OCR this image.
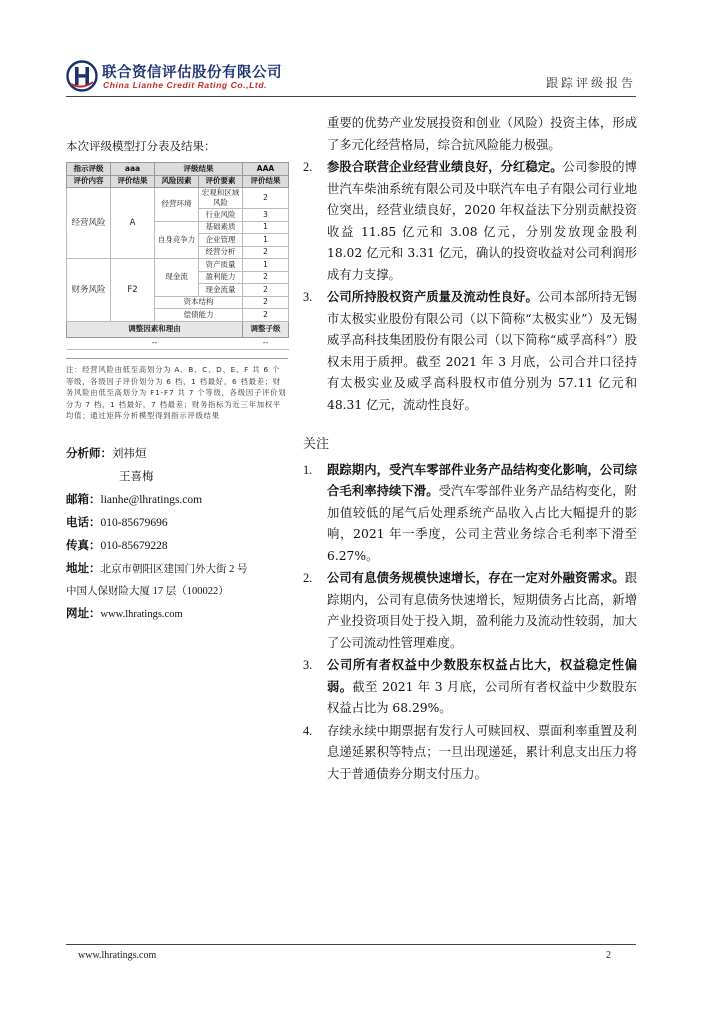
联合资信评估股份有限公司
China Lianhe Credit Rating Co.,Ltd.	跟踪评级报告
本次评级模型打分表及结果：
指示评级	aaa	评级结果		AAA
评价内容	评价结果	风险因素	评价要素	评价结果
经营风险	A	经营环境	宏观和区域风险	2
			行业风险	3
		自身竞争力	基础素质	1
			企业管理	1
			经营分析	2
财务风险	F2	现金流	资产质量	1
			盈利能力	2
			现金流量	2
		资本结构		2
		偿债能力		2
调整因素和理由				调整子级
--				--
注：经营风险由低至高划分为 A、B、C、D、E、F 共 6 个等级，各级因子评价划分为 6 档，1 档最好，6 档最差；财务风险由低至高划分为 F1-F7 共 7 个等级，各级因子评价划分为 7 档，1 档最好，7 档最差；财务指标为近三年加权平均值；通过矩阵分析模型得到指示评级结果
分析师：刘祎烜
王喜梅
邮箱：lianhe@lhratings.com
电话：010-85679696
传真：010-85679228
地址：北京市朝阳区建国门外大街 2 号
中国人保财险大厦 17 层（100022）
网址：www.lhratings.com

重要的优势产业发展投资和创业（风险）投资主体，形成了多元化经营格局，综合抗风险能力极强。

2. 参股合联营企业经营业绩良好，分红稳定。公司参股的博世汽车柴油系统有限公司及中联汽车电子有限公司行业地位突出，经营业绩良好，2020 年权益法下分别贡献投资收益 11.85 亿元和 3.08 亿元，分别发放现金股利 18.02 亿元和 3.31 亿元，确认的投资收益对公司利润形成有力支撑。
3. 公司所持股权资产质量及流动性良好。公司本部所持无锡市太极实业股份有限公司（以下简称“太极实业”）及无锡威孚高科技集团股份有限公司（以下简称“威孚高科”）股权未用于质押。截至 2021 年 3 月底，公司合并口径持有太极实业及威孚高科股权市值分别为 57.11 亿元和 48.31 亿元，流动性良好。
关注
1. 跟踪期内，受汽车零部件业务产品结构变化影响，公司综合毛利率持续下滑。受汽车零部件业务产品结构变化，附加值较低的尾气后处理系统产品收入占比大幅提升的影响，2021 年一季度，公司主营业务综合毛利率下滑至 6.27%。
2. 公司有息债务规模快速增长，存在一定对外融资需求。跟踪期内，公司有息债务快速增长，短期债务占比高，新增产业投资项目处于投入期，盈利能力及流动性较弱，加大了公司流动性管理难度。
3. 公司所有者权益中少数股东权益占比大，权益稳定性偏弱。截至 2021 年 3 月底，公司所有者权益中少数股东权益占比为 68.29%。
4. 存续永续中期票据有发行人可赎回权、票面利率重置及利息递延累积等特点；一旦出现递延，累计利息支出压力将大于普通债券分期支付压力。
www.lhratings.com	2
